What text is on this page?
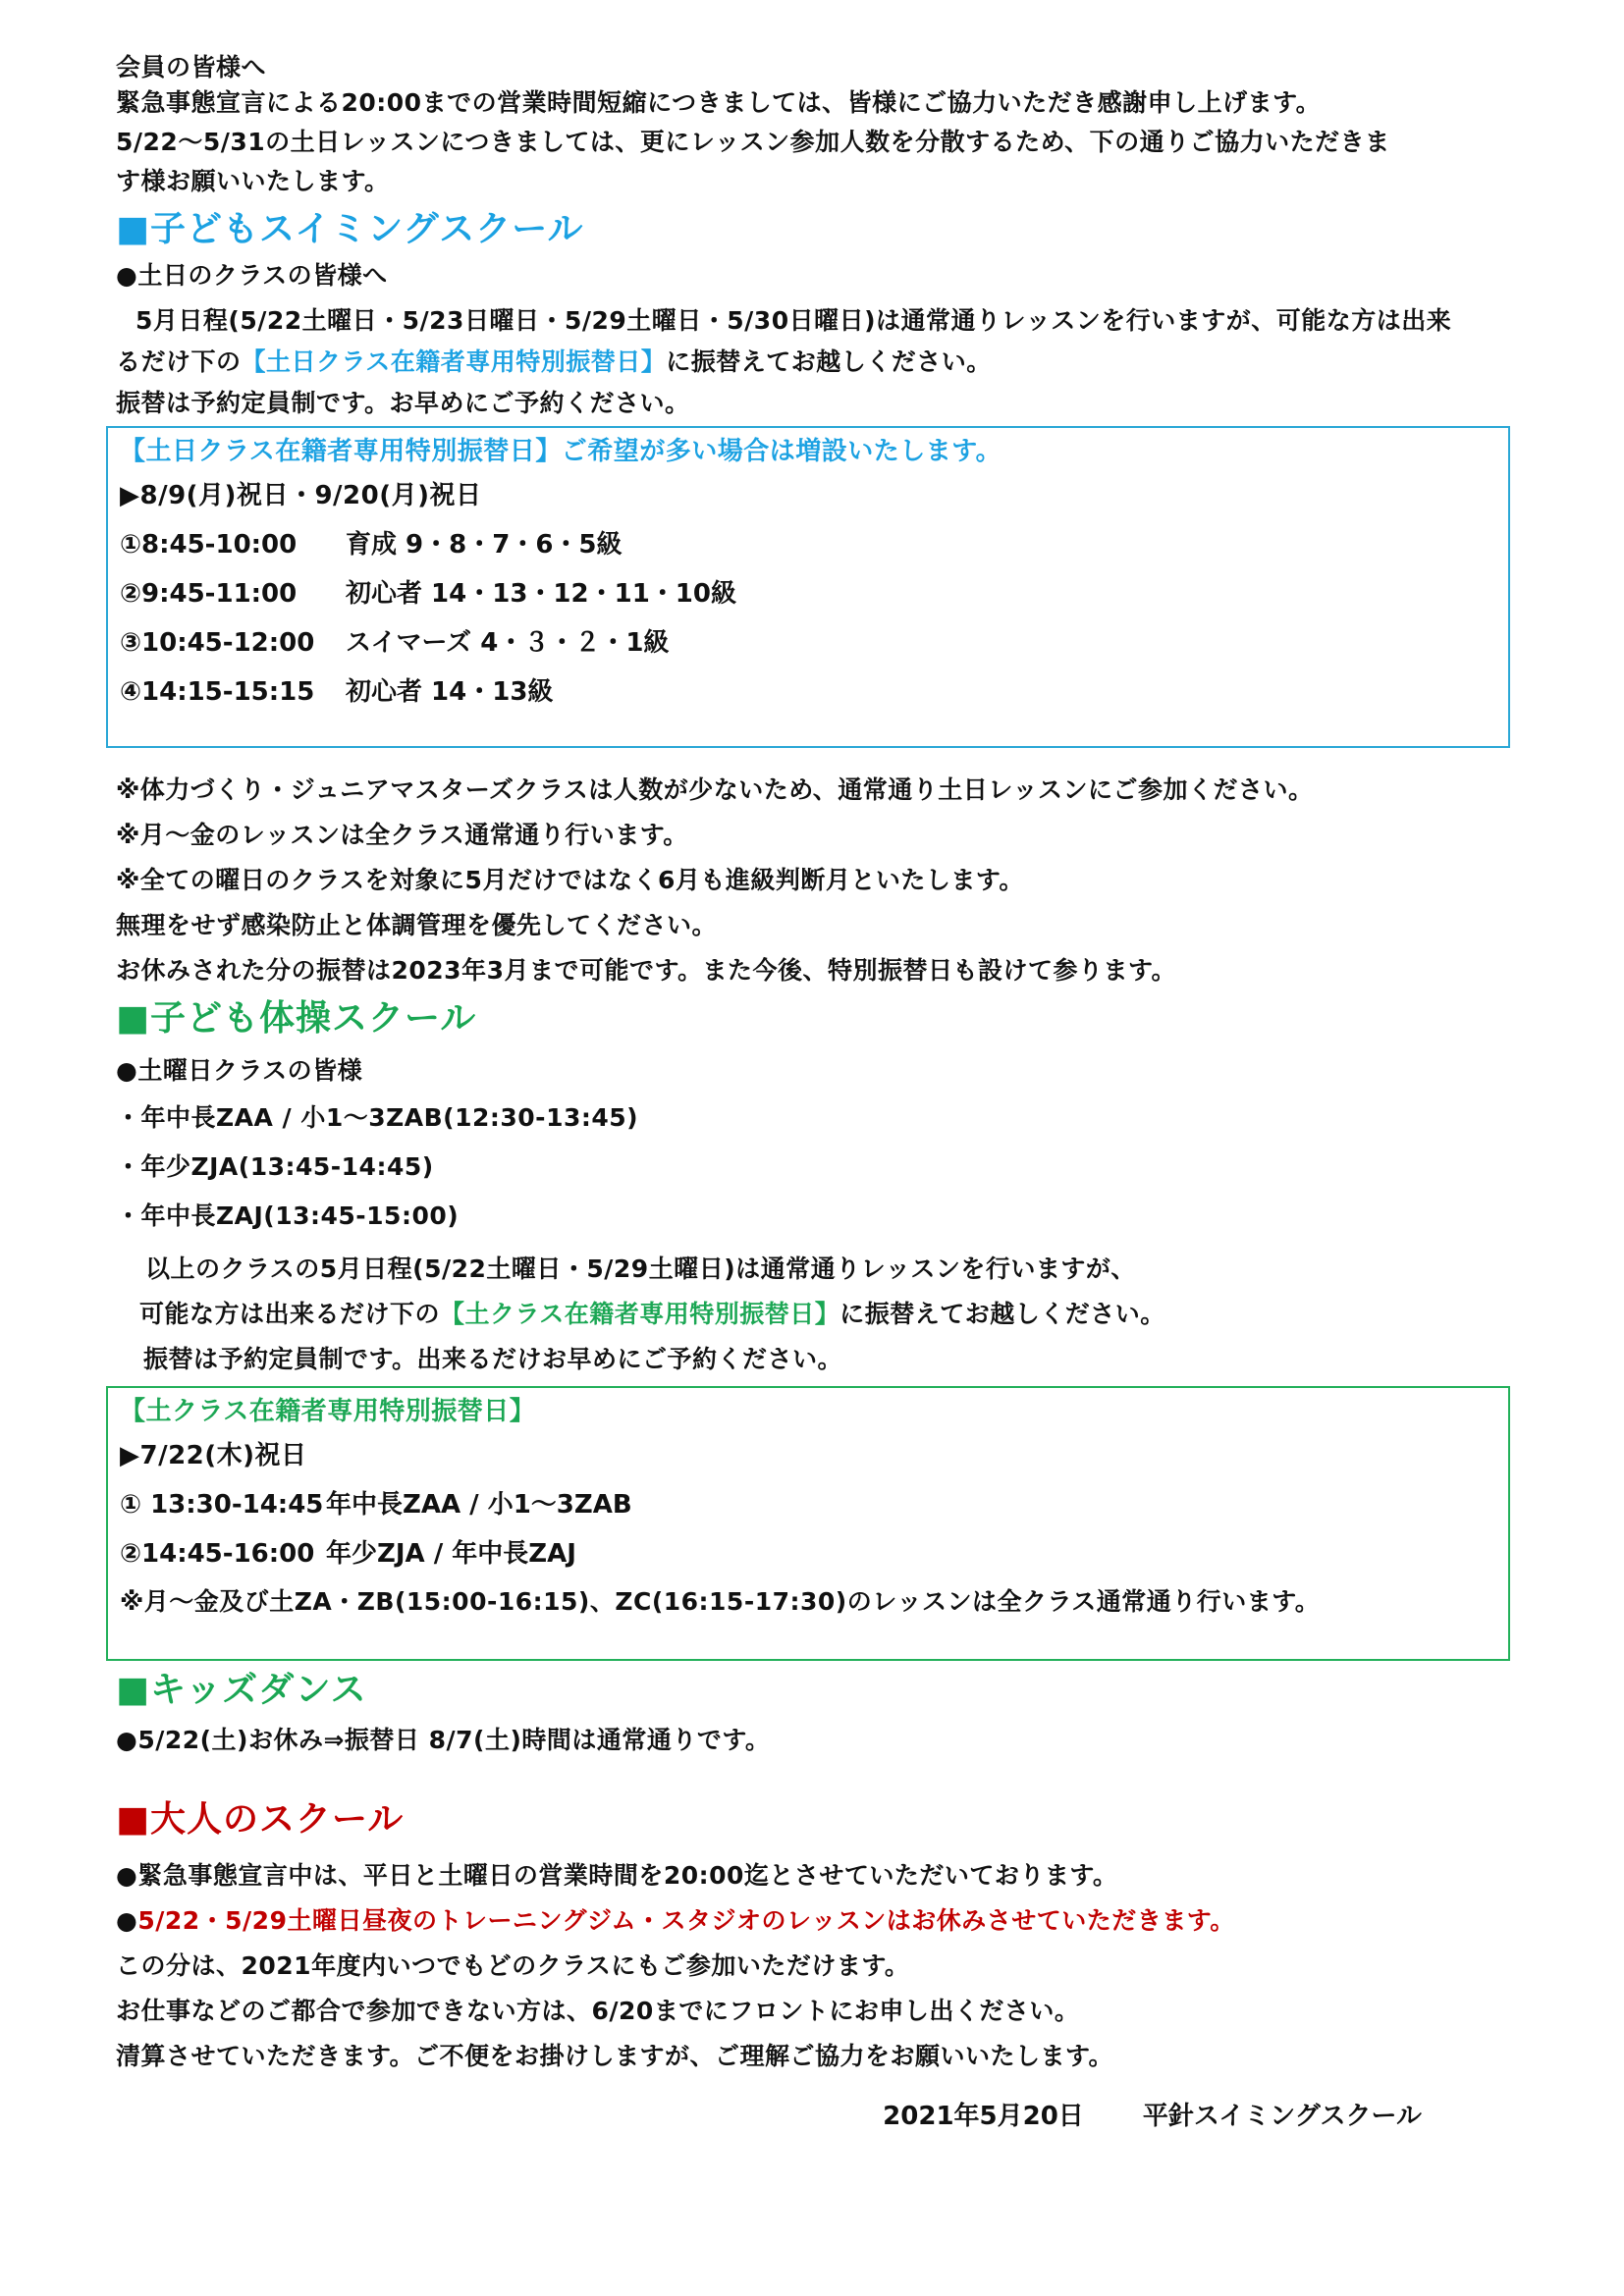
会員の皆様へ
緊急事態宣言による20:00までの営業時間短縮につきましては、皆様にご協力いただき感謝申し上げます。
5/22〜5/31の土日レッスンにつきましては、更にレッスン参加人数を分散するため、下の通りご協力いただきま
す様お願いいたします。
■子どもスイミングスクール
●土日のクラスの皆様へ
5月日程(5/22土曜日・5/23日曜日・5/29土曜日・5/30日曜日)は通常通りレッスンを行いますが、可能な方は出来
るだけ下の【土日クラス在籍者専用特別振替日】に振替えてお越しください。
振替は予約定員制です。お早めにご予約ください。
【土日クラス在籍者専用特別振替日】ご希望が多い場合は増設いたします。
▶8/9(月)祝日・9/20(月)祝日
①8:45-10:00	育成 9・8・7・6・5級
②9:45-11:00	初心者 14・13・12・11・10級
③10:45-12:00	スイマーズ 4・３・２・1級
④14:15-15:15	初心者 14・13級
※体力づくり・ジュニアマスターズクラスは人数が少ないため、通常通り土日レッスンにご参加ください。
※月〜金のレッスンは全クラス通常通り行います。
※全ての曜日のクラスを対象に5月だけではなく6月も進級判断月といたします。
無理をせず感染防止と体調管理を優先してください。
お休みされた分の振替は2023年3月まで可能です。また今後、特別振替日も設けて参ります。
■子ども体操スクール
●土曜日クラスの皆様
・年中長ZAA / 小1〜3ZAB(12:30-13:45)
・年少ZJA(13:45-14:45)
・年中長ZAJ(13:45-15:00)
以上のクラスの5月日程(5/22土曜日・5/29土曜日)は通常通りレッスンを行いますが、
可能な方は出来るだけ下の【土クラス在籍者専用特別振替日】に振替えてお越しください。
振替は予約定員制です。出来るだけお早めにご予約ください。
【土クラス在籍者専用特別振替日】
▶7/22(木)祝日
① 13:30-14:45 年中長ZAA / 小1〜3ZAB
②14:45-16:00 年少ZJA / 年中長ZAJ
※月〜金及び土ZA・ZB(15:00-16:15)、ZC(16:15-17:30)のレッスンは全クラス通常通り行います。
■キッズダンス
●5/22(土)お休み⇒振替日 8/7(土)時間は通常通りです。
■大人のスクール
●緊急事態宣言中は、平日と土曜日の営業時間を20:00迄とさせていただいております。
●5/22・5/29土曜日昼夜のトレーニングジム・スタジオのレッスンはお休みさせていただきます。
この分は、2021年度内いつでもどのクラスにもご参加いただけます。
お仕事などのご都合で参加できない方は、6/20までにフロントにお申し出ください。
清算させていただきます。ご不便をお掛けしますが、ご理解ご協力をお願いいたします。
2021年5月20日 平針スイミングスクール
